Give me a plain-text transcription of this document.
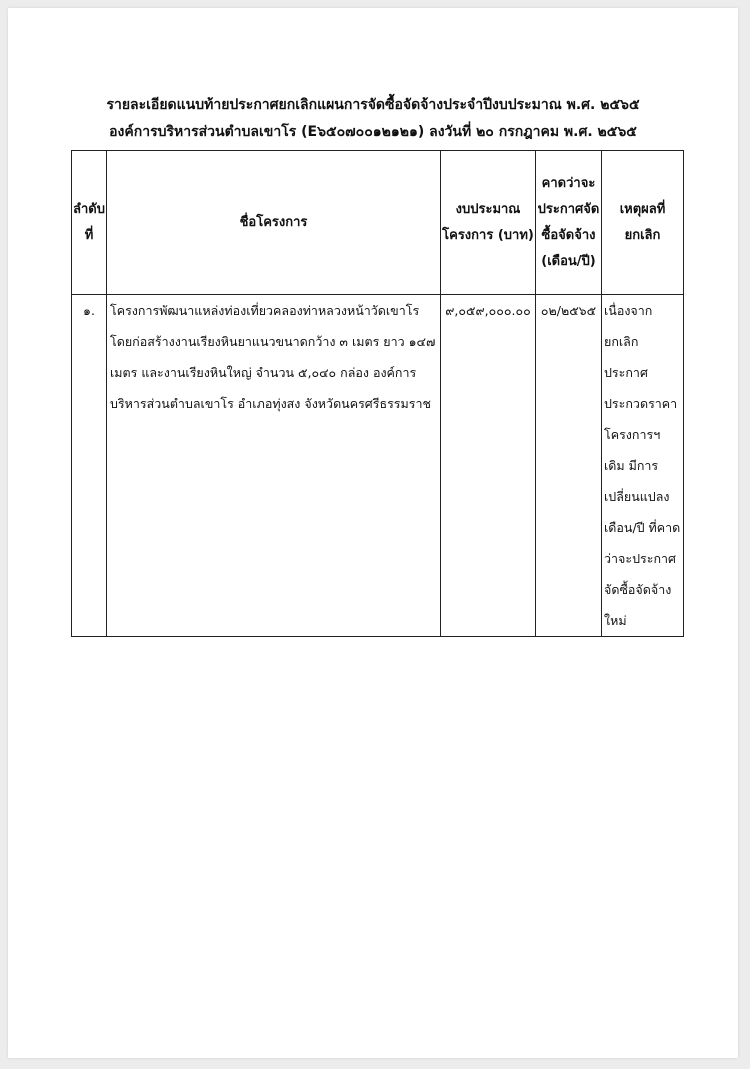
รายละเอียดแนบท้ายประกาศยกเลิกแผนการจัดซื้อจัดจ้างประจำปีงบประมาณ พ.ศ. ๒๕๖๕
องค์การบริหารส่วนตำบลเขาโร (E๖๕๐๗๐๐๑๒๑๒๑) ลงวันที่ ๒๐ กรกฎาคม พ.ศ. ๒๕๖๕
ลำดับที่	ชื่อโครงการ	งบประมาณโครงการ (บาท)	คาดว่าจะประกาศจัดซื้อจัดจ้าง (เดือน/ปี)	เหตุผลที่ยกเลิก
๑.	โครงการพัฒนาแหล่งท่องเที่ยวคลองท่าหลวงหน้าวัดเขาโร โดยก่อสร้างงานเรียงหินยาแนวขนาดกว้าง ๓ เมตร ยาว ๑๔๗ เมตร และงานเรียงหินใหญ่ จำนวน ๕,๐๔๐ กล่อง องค์การบริหารส่วนตำบลเขาโร อำเภอทุ่งสง จังหวัดนครศรีธรรมราช	๙,๐๕๙,๐๐๐.๐๐	๐๒/๒๕๖๕	เนื่องจากยกเลิกประกาศประกวดราคาโครงการฯ เดิม มีการเปลี่ยนแปลงเดือน/ปี ที่คาดว่าจะประกาศจัดซื้อจัดจ้างใหม่
